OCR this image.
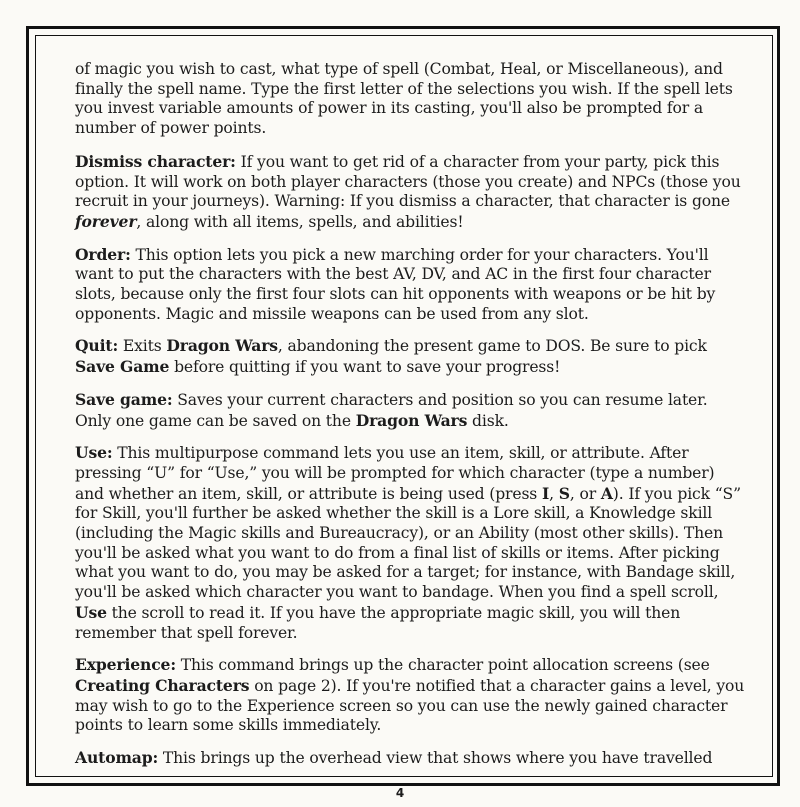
of magic you wish to cast, what type of spell (Combat, Heal, or Miscellaneous), and finally the spell name. Type the first letter of the selections you wish. If the spell lets you invest variable amounts of power in its casting, you'll also be prompted for a number of power points.

Dismiss character: If you want to get rid of a character from your party, pick this option. It will work on both player characters (those you create) and NPCs (those you recruit in your journeys). Warning: If you dismiss a character, that character is gone forever, along with all items, spells, and abilities!

Order: This option lets you pick a new marching order for your characters. You'll want to put the characters with the best AV, DV, and AC in the first four character slots, because only the first four slots can hit opponents with weapons or be hit by opponents. Magic and missile weapons can be used from any slot.

Quit: Exits Dragon Wars, abandoning the present game to DOS. Be sure to pick Save Game before quitting if you want to save your progress!

Save game: Saves your current characters and position so you can resume later. Only one game can be saved on the Dragon Wars disk.

Use: This multipurpose command lets you use an item, skill, or attribute. After pressing “U” for “Use,” you will be prompted for which character (type a number) and whether an item, skill, or attribute is being used (press I, S, or A). If you pick “S” for Skill, you'll further be asked whether the skill is a Lore skill, a Knowledge skill (including the Magic skills and Bureaucracy), or an Ability (most other skills). Then you'll be asked what you want to do from a final list of skills or items. After picking what you want to do, you may be asked for a target; for instance, with Bandage skill, you'll be asked which character you want to bandage. When you find a spell scroll, Use the scroll to read it. If you have the appropriate magic skill, you will then remember that spell forever.

Experience: This command brings up the character point allocation screens (see Creating Characters on page 2). If you're notified that a character gains a level, you may wish to go to the Experience screen so you can use the newly gained character points to learn some skills immediately.

Automap: This brings up the overhead view that shows where you have travelled

4
